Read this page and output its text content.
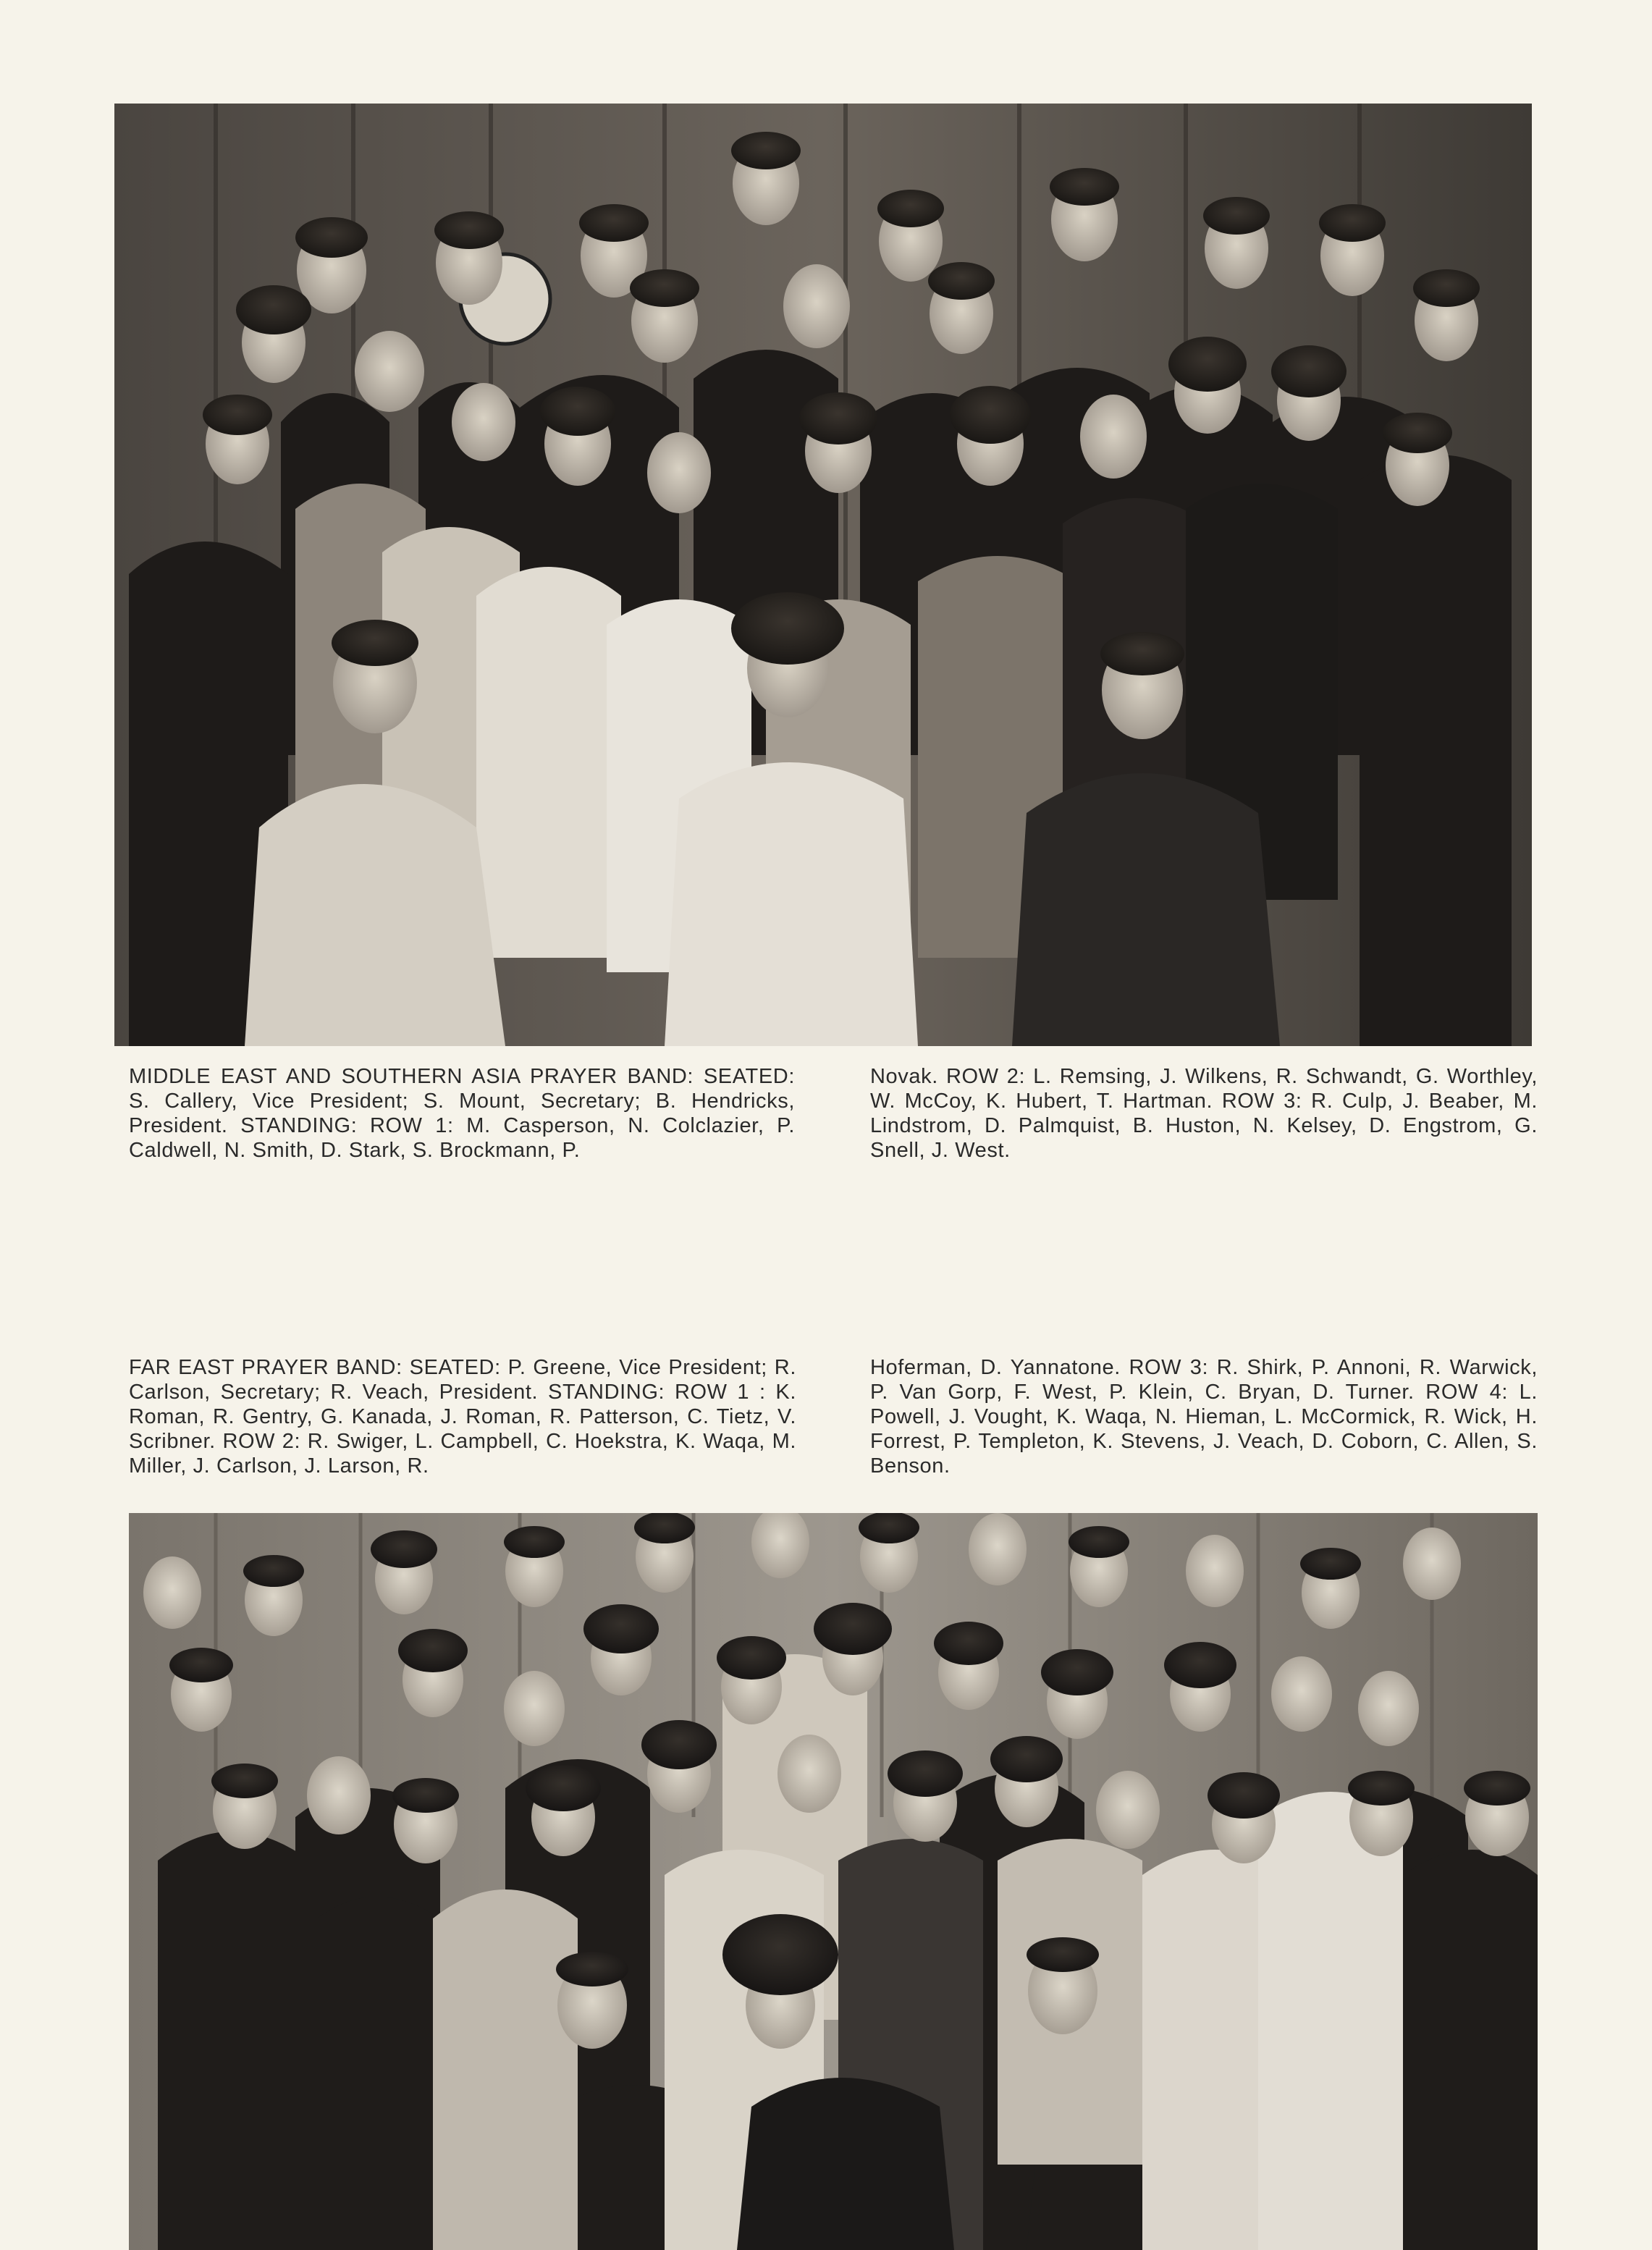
MIDDLE EAST AND SOUTHERN ASIA PRAYER BAND: SEATED: S. Callery, Vice President; S. Mount, Secretary; B. Hendricks, President. STANDING: ROW 1: M. Casperson, N. Colclazier, P. Caldwell, N. Smith, D. Stark, S. Brockmann, P.

Novak. ROW 2: L. Remsing, J. Wilkens, R. Schwandt, G. Worthley, W. McCoy, K. Hubert, T. Hartman. ROW 3: R. Culp, J. Beaber, M. Lindstrom, D. Palmquist, B. Huston, N. Kelsey, D. Engstrom, G. Snell, J. West.

FAR EAST PRAYER BAND: SEATED: P. Greene, Vice President; R. Carlson, Secretary; R. Veach, President. STANDING: ROW 1 : K. Roman, R. Gentry, G. Kanada, J. Roman, R. Patterson, C. Tietz, V. Scribner. ROW 2: R. Swiger, L. Campbell, C. Hoekstra, K. Waqa, M. Miller, J. Carlson, J. Larson, R.

Hoferman, D. Yannatone. ROW 3: R. Shirk, P. Annoni, R. Warwick, P. Van Gorp, F. West, P. Klein, C. Bryan, D. Turner. ROW 4: L. Powell, J. Vought, K. Waqa, N. Hieman, L. McCormick, R. Wick, H. Forrest, P. Templeton, K. Stevens, J. Veach, D. Coborn, C. Allen, S. Benson.
